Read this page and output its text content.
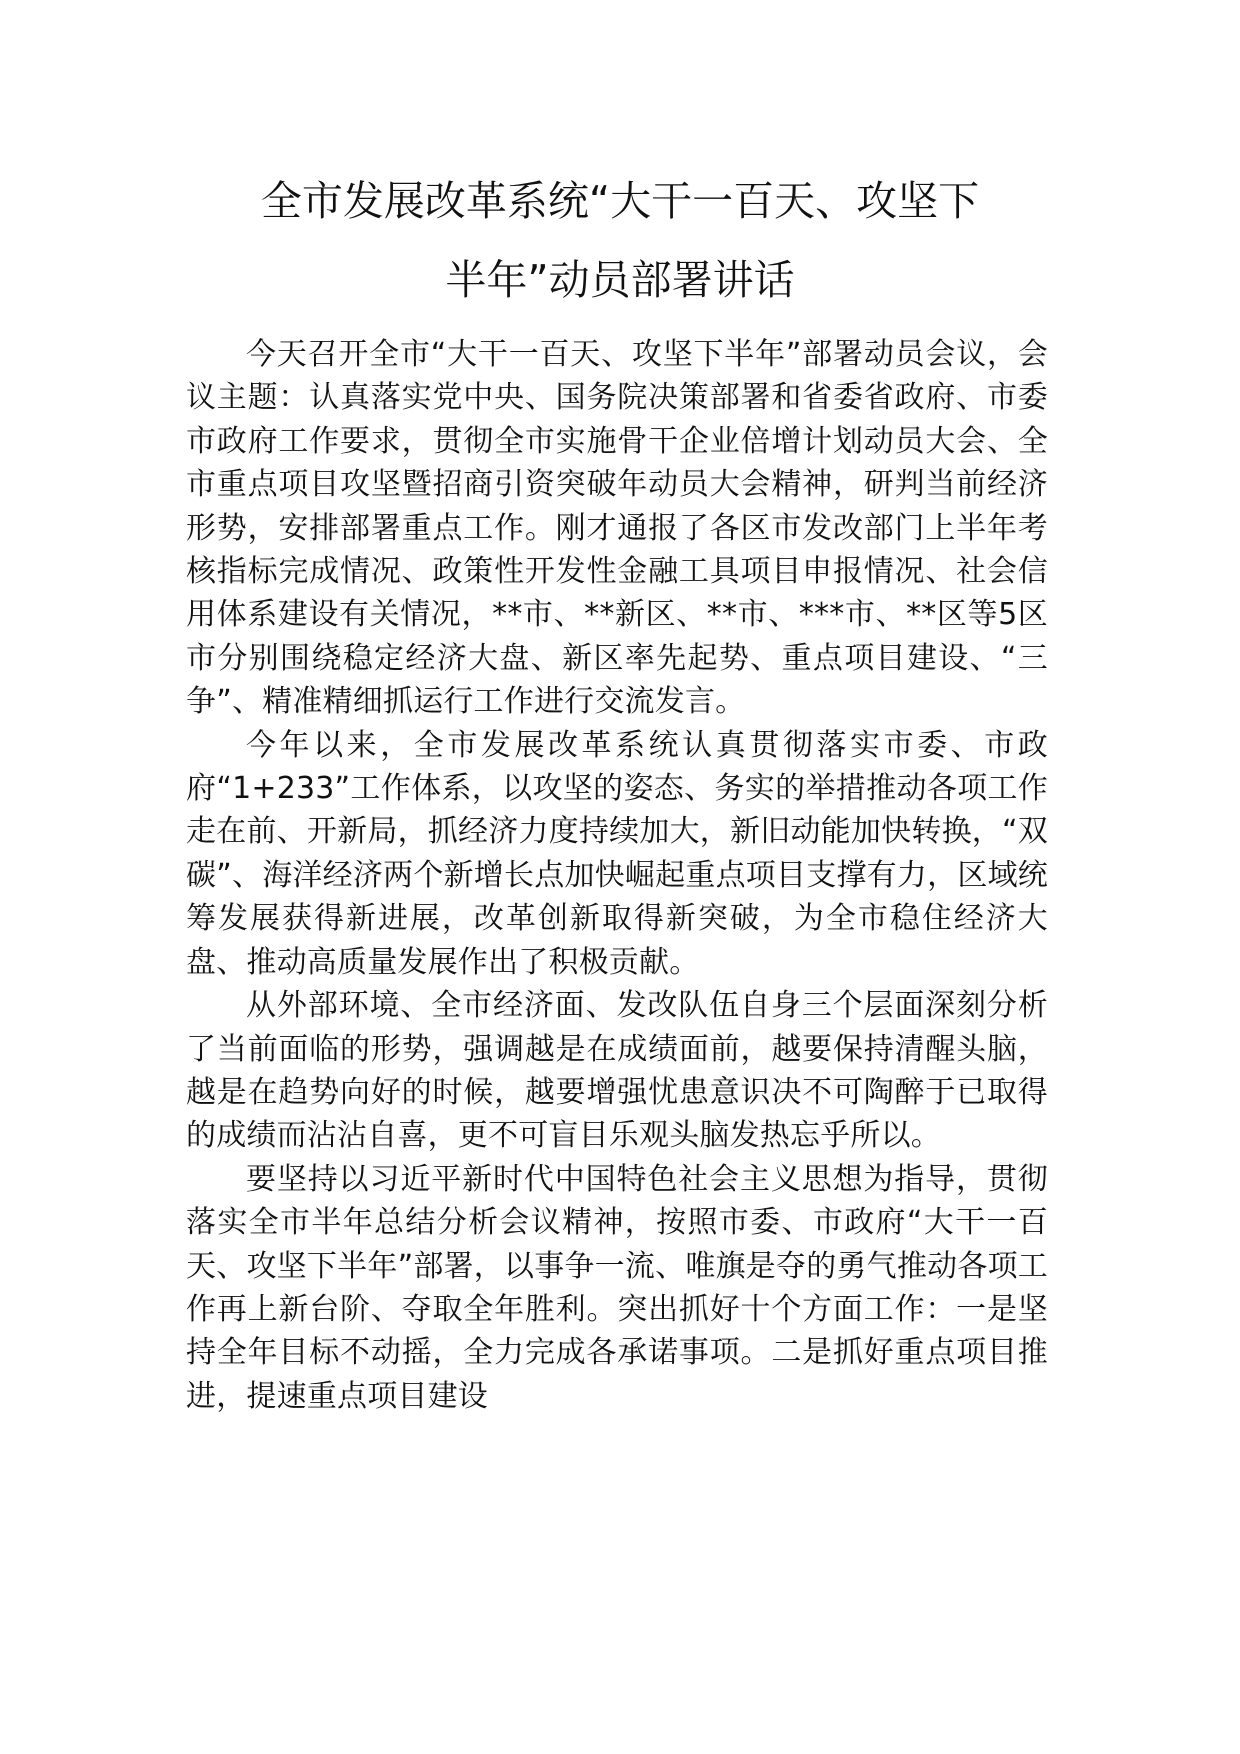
全市发展改革系统“大干一百天、攻坚下
半年”动员部署讲话

今天召开全市“大干一百天、攻坚下半年”部署动员会议，会议主题：认真落实党中央、国务院决策部署和省委省政府、市委市政府工作要求，贯彻全市实施骨干企业倍增计划动员大会、全市重点项目攻坚暨招商引资突破年动员大会精神，研判当前经济形势，安排部署重点工作。刚才通报了各区市发改部门上半年考核指标完成情况、政策性开发性金融工具项目申报情况、社会信用体系建设有关情况，**市、**新区、**市、***市、**区等5区市分别围绕稳定经济大盘、新区率先起势、重点项目建设、“三争”、精准精细抓运行工作进行交流发言。

今年以来，全市发展改革系统认真贯彻落实市委、市政府“1+233”工作体系，以攻坚的姿态、务实的举措推动各项工作走在前、开新局，抓经济力度持续加大，新旧动能加快转换，“双碳”、海洋经济两个新增长点加快崛起重点项目支撑有力，区域统筹发展获得新进展，改革创新取得新突破，为全市稳住经济大盘、推动高质量发展作出了积极贡献。

从外部环境、全市经济面、发改队伍自身三个层面深刻分析了当前面临的形势，强调越是在成绩面前，越要保持清醒头脑，越是在趋势向好的时候，越要增强忧患意识决不可陶醉于已取得的成绩而沾沾自喜，更不可盲目乐观头脑发热忘乎所以。

要坚持以习近平新时代中国特色社会主义思想为指导，贯彻落实全市半年总结分析会议精神，按照市委、市政府“大干一百天、攻坚下半年”部署，以事争一流、唯旗是夺的勇气推动各项工作再上新台阶、夺取全年胜利。突出抓好十个方面工作：一是坚持全年目标不动摇，全力完成各承诺事项。二是抓好重点项目推进，提速重点项目建设
